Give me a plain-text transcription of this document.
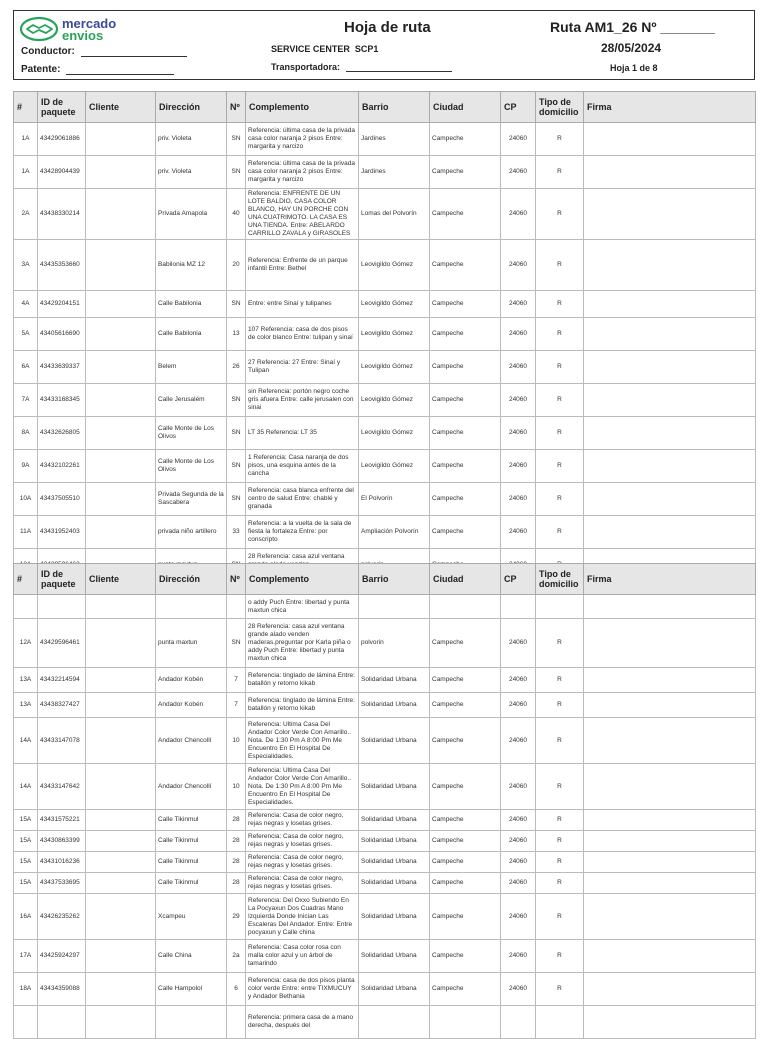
mercado
envios
Conductor:
Patente:
Hoja de ruta
SERVICE CENTER SCP1
Transportadora:
Ruta AM1_26 Nº _______
28/05/2024
Hoja 1 de 8
#	ID de paquete	Cliente	Dirección	Nº	Complemento	Barrio	Ciudad	CP	Tipo de domicilio	Firma
1A	43429061886		priv. Violeta	SN	Referencia: última casa de la privada casa color naranja 2 pisos Entre: margarita y narcizo	Jardines	Campeche	24060	R	
1A	43428904439		priv. Violeta	SN	Referencia: última casa de la privada casa color naranja 2 pisos Entre: margarita y narcizo	Jardines	Campeche	24060	R	
2A	43438330214		Privada Amapola	40	Referencia: ENFRENTE DE UN LOTE BALDIO, CASA COLOR BLANCO, HAY UN PORCHE CON UNA CUATRIMOTO. LA CASA ES UNA TIENDA. Entre: ABELARDO CARRILLO ZAVALA y GIRASOLES	Lomas del Polvorín	Campeche	24060	R	
3A	43435353660		Babilonia MZ 12	20	Referencia: Enfrente de un parque infantil Entre: Bethel	Leovigildo Gómez	Campeche	24060	R	
4A	43429204151		Calle Babilonia	SN	Entre: entre Sinaí y tulipanes	Leovigildo Gómez	Campeche	24060	R	
5A	43405616690		Calle Babilonia	13	107 Referencia: casa de dos pisos de color blanco Entre: tulipan y sinaí	Leovigildo Gómez	Campeche	24060	R	
6A	43433639337		Belem	26	27 Referencia: 27 Entre: Sinaí y Tulipan	Leovigildo Gómez	Campeche	24060	R	
7A	43433168345		Calle Jerusalém	SN	sin Referencia: portón negro coche gris afuera Entre: calle jerusalen con sinai	Leovigildo Gómez	Campeche	24060	R	
8A	43432626805		Calle Monte de Los Olivos	SN	LT 35 Referencia: LT 35	Leovigildo Gómez	Campeche	24060	R	
9A	43432102261		Calle Monte de Los Olivos	SN	1 Referencia: Casa naranja de dos pisos, una esquina antes de la cancha	Leovigildo Gómez	Campeche	24060	R	
10A	43437505510		Privada Segunda de la Sascabera	SN	Referencia: casa blanca enfrente del centro de salud Entre: chablé y granada	El Polvorín	Campeche	24060	R	
11A	43431952403		privada niño artillero	33	Referencia: a la vuelta de la sala de fiesta la fortaleza Entre: por conscripto	Ampliación Polvorín	Campeche	24060	R	
					28 Referencia: casa azul ventana					
#	ID de paquete	Cliente	Dirección	Nº	Complemento	Barrio	Ciudad	CP	Tipo de domicilio	Firma
					o addy Puch Entre: libertad y punta maxtun chica					
12A	43429596461		punta maxtun	SN	28 Referencia: casa azul ventana grande alado venden maderas.preguntar por Karla piña o addy Puch Entre: libertad y punta maxtun chica	polvorin	Campeche	24060	R	
13A	43432214594		Andador Kobén	7	Referencia: tinglado de lámina Entre: batallón y retorno kikab	Solidaridad Urbana	Campeche	24060	R	
13A	43438327427		Andador Kobén	7	Referencia: tinglado de lámina Entre: batallón y retorno kikab	Solidaridad Urbana	Campeche	24060	R	
14A	43433147078		Andador Chencollí	10	Referencia: Ultima Casa Del Andador Color Verde Con Amarillo.. Nota. De 1:30 Pm A 8:00 Pm Me Encuentro En El Hospital De Especialidades.	Solidaridad Urbana	Campeche	24060	R	
14A	43433147642		Andador Chencollí	10	Referencia: Ultima Casa Del Andador Color Verde Con Amarillo.. Nota. De 1:30 Pm A 8:00 Pm Me Encuentro En El Hospital De Especialidades.	Solidaridad Urbana	Campeche	24060	R	
15A	43431575221		Calle Tikinmul	28	Referencia: Casa de color negro, rejas negras y losetas grises.	Solidaridad Urbana	Campeche	24060	R	
15A	43430863399		Calle Tikinmul	28	Referencia: Casa de color negro, rejas negras y losetas grises.	Solidaridad Urbana	Campeche	24060	R	
15A	43431016236		Calle Tikinmul	28	Referencia: Casa de color negro, rejas negras y losetas grises.	Solidaridad Urbana	Campeche	24060	R	
15A	43437533695		Calle Tikinmul	28	Referencia: Casa de color negro, rejas negras y losetas grises.	Solidaridad Urbana	Campeche	24060	R	
16A	43426235262		Xcampeu	29	Referencia: Del Oxxo Subiendo En La Pocyaxun Dos Cuadras Mano Izquierda Donde Inician Las Escaleras Del Andador. Entre: Entre pocyaxun y Calle china	Solidaridad Urbana	Campeche	24060	R	
17A	43425924297		Calle China	2a	Referencia: Casa color rosa con malla color azul y un árbol de tamarindo	Solidaridad Urbana	Campeche	24060	R	
18A	43434359088		Calle Hampolol	6	Referencia: casa de dos pisos planta color verde Entre: entre TIXMUCUY y Andador Bethania	Solidaridad Urbana	Campeche	24060	R	
					Referencia: primera casa de a mano derecha, después del					
